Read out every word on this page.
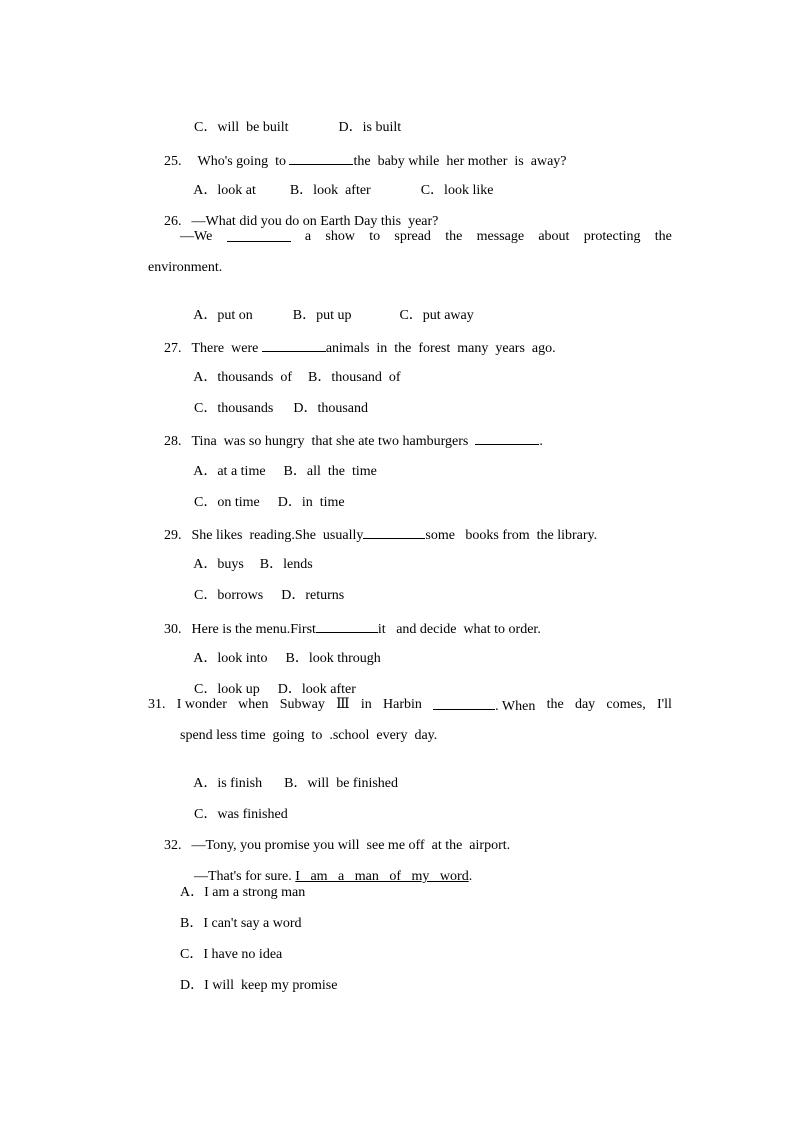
C．will  be built	D．is built

25. Who's going  to	the  baby while  her mother  is  away?

A．look at B．look  after	C．look like

26. —What did you do on Earth Day this  year?

—We	a show to spread the message about protecting the
environment.

A．put on	B．put up	C．put away

27. There  were	animals  in  the  forest  many  years  ago.

A．thousands  of B．thousand  of

C．thousands D．thousand

28. Tina  was so hungry  that she ate two hamburgers	.

A．at a time B．all  the  time

C．on time D．in  time

29. She likes  reading.She  usually	some   books from  the library.

A．buys B．lends

C．borrows D．returns

30. Here is the menu.First	it   and decide  what to order.

A．look into B．look through

C．look up D．look after

31. I wonder when Subway Ⅲ in Harbin	. When the day comes, I'll
spend less time  going  to  .school  every  day.

A．is finish B．will  be finished

C．was finished

32. —Tony, you promise you will  see me off  at the  airport.

—That's for sure. I   am   a   man   of   my   word.

A．I am a strong man
B．I can't say a word
C．I have no idea
D．I will  keep my promise
